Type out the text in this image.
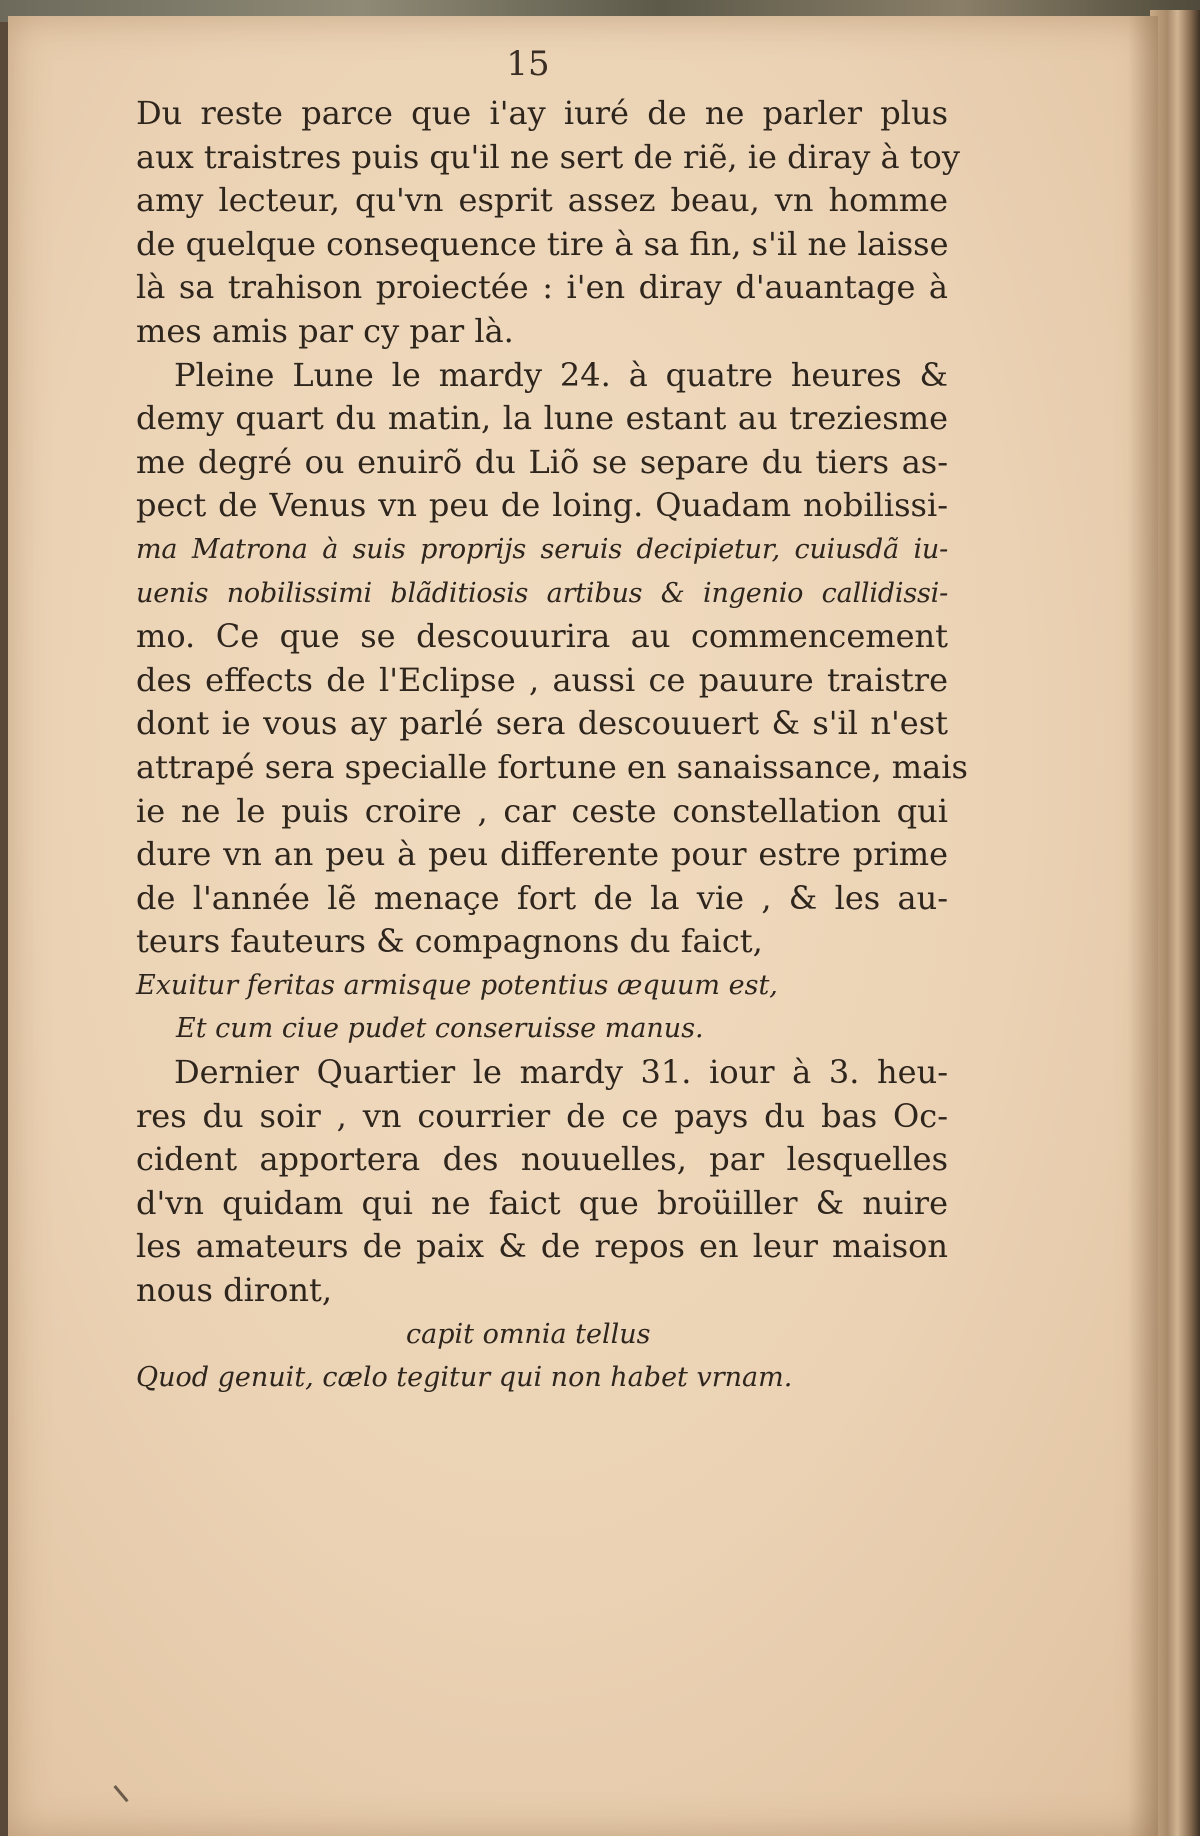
15
Du reste parce que i'ay iuré de ne parler plus
aux traistres puis qu'il ne sert de riẽ, ie diray à toy
amy lecteur, qu'vn esprit assez beau, vn homme
de quelque consequence tire à sa fin, s'il ne laisse
là sa trahison proiectée : i'en diray d'auantage à
mes amis par cy par là.
Pleine Lune le mardy 24. à quatre heures &
demy quart du matin, la lune estant au treziesme
me degré ou enuirõ du Liõ se separe du tiers as-
pect de Venus vn peu de loing. Quadam nobilissi-
ma Matrona à suis proprijs seruis decipietur, cuiusdã iu-
uenis nobilissimi blãditiosis artibus & ingenio callidissi-
mo. Ce que se descouurira au commencement
des effects de l'Eclipse , aussi ce pauure traistre
dont ie vous ay parlé sera descouuert & s'il n'est
attrapé sera specialle fortune en sanaissance, mais
ie ne le puis croire , car ceste constellation qui
dure vn an peu à peu differente pour estre prime
de l'année lẽ menaçe fort de la vie , & les au-
teurs fauteurs & compagnons du faict,
Exuitur feritas armisque potentius æquum est,
Et cum ciue pudet conseruisse manus.
Dernier Quartier le mardy 31. iour à 3. heu-
res du soir , vn courrier de ce pays du bas Oc-
cident apportera des nouuelles, par lesquelles
d'vn quidam qui ne faict que broüiller & nuire
les amateurs de paix & de repos en leur maison
nous diront,
capit omnia tellus
Quod genuit, cælo tegitur qui non habet vrnam.
